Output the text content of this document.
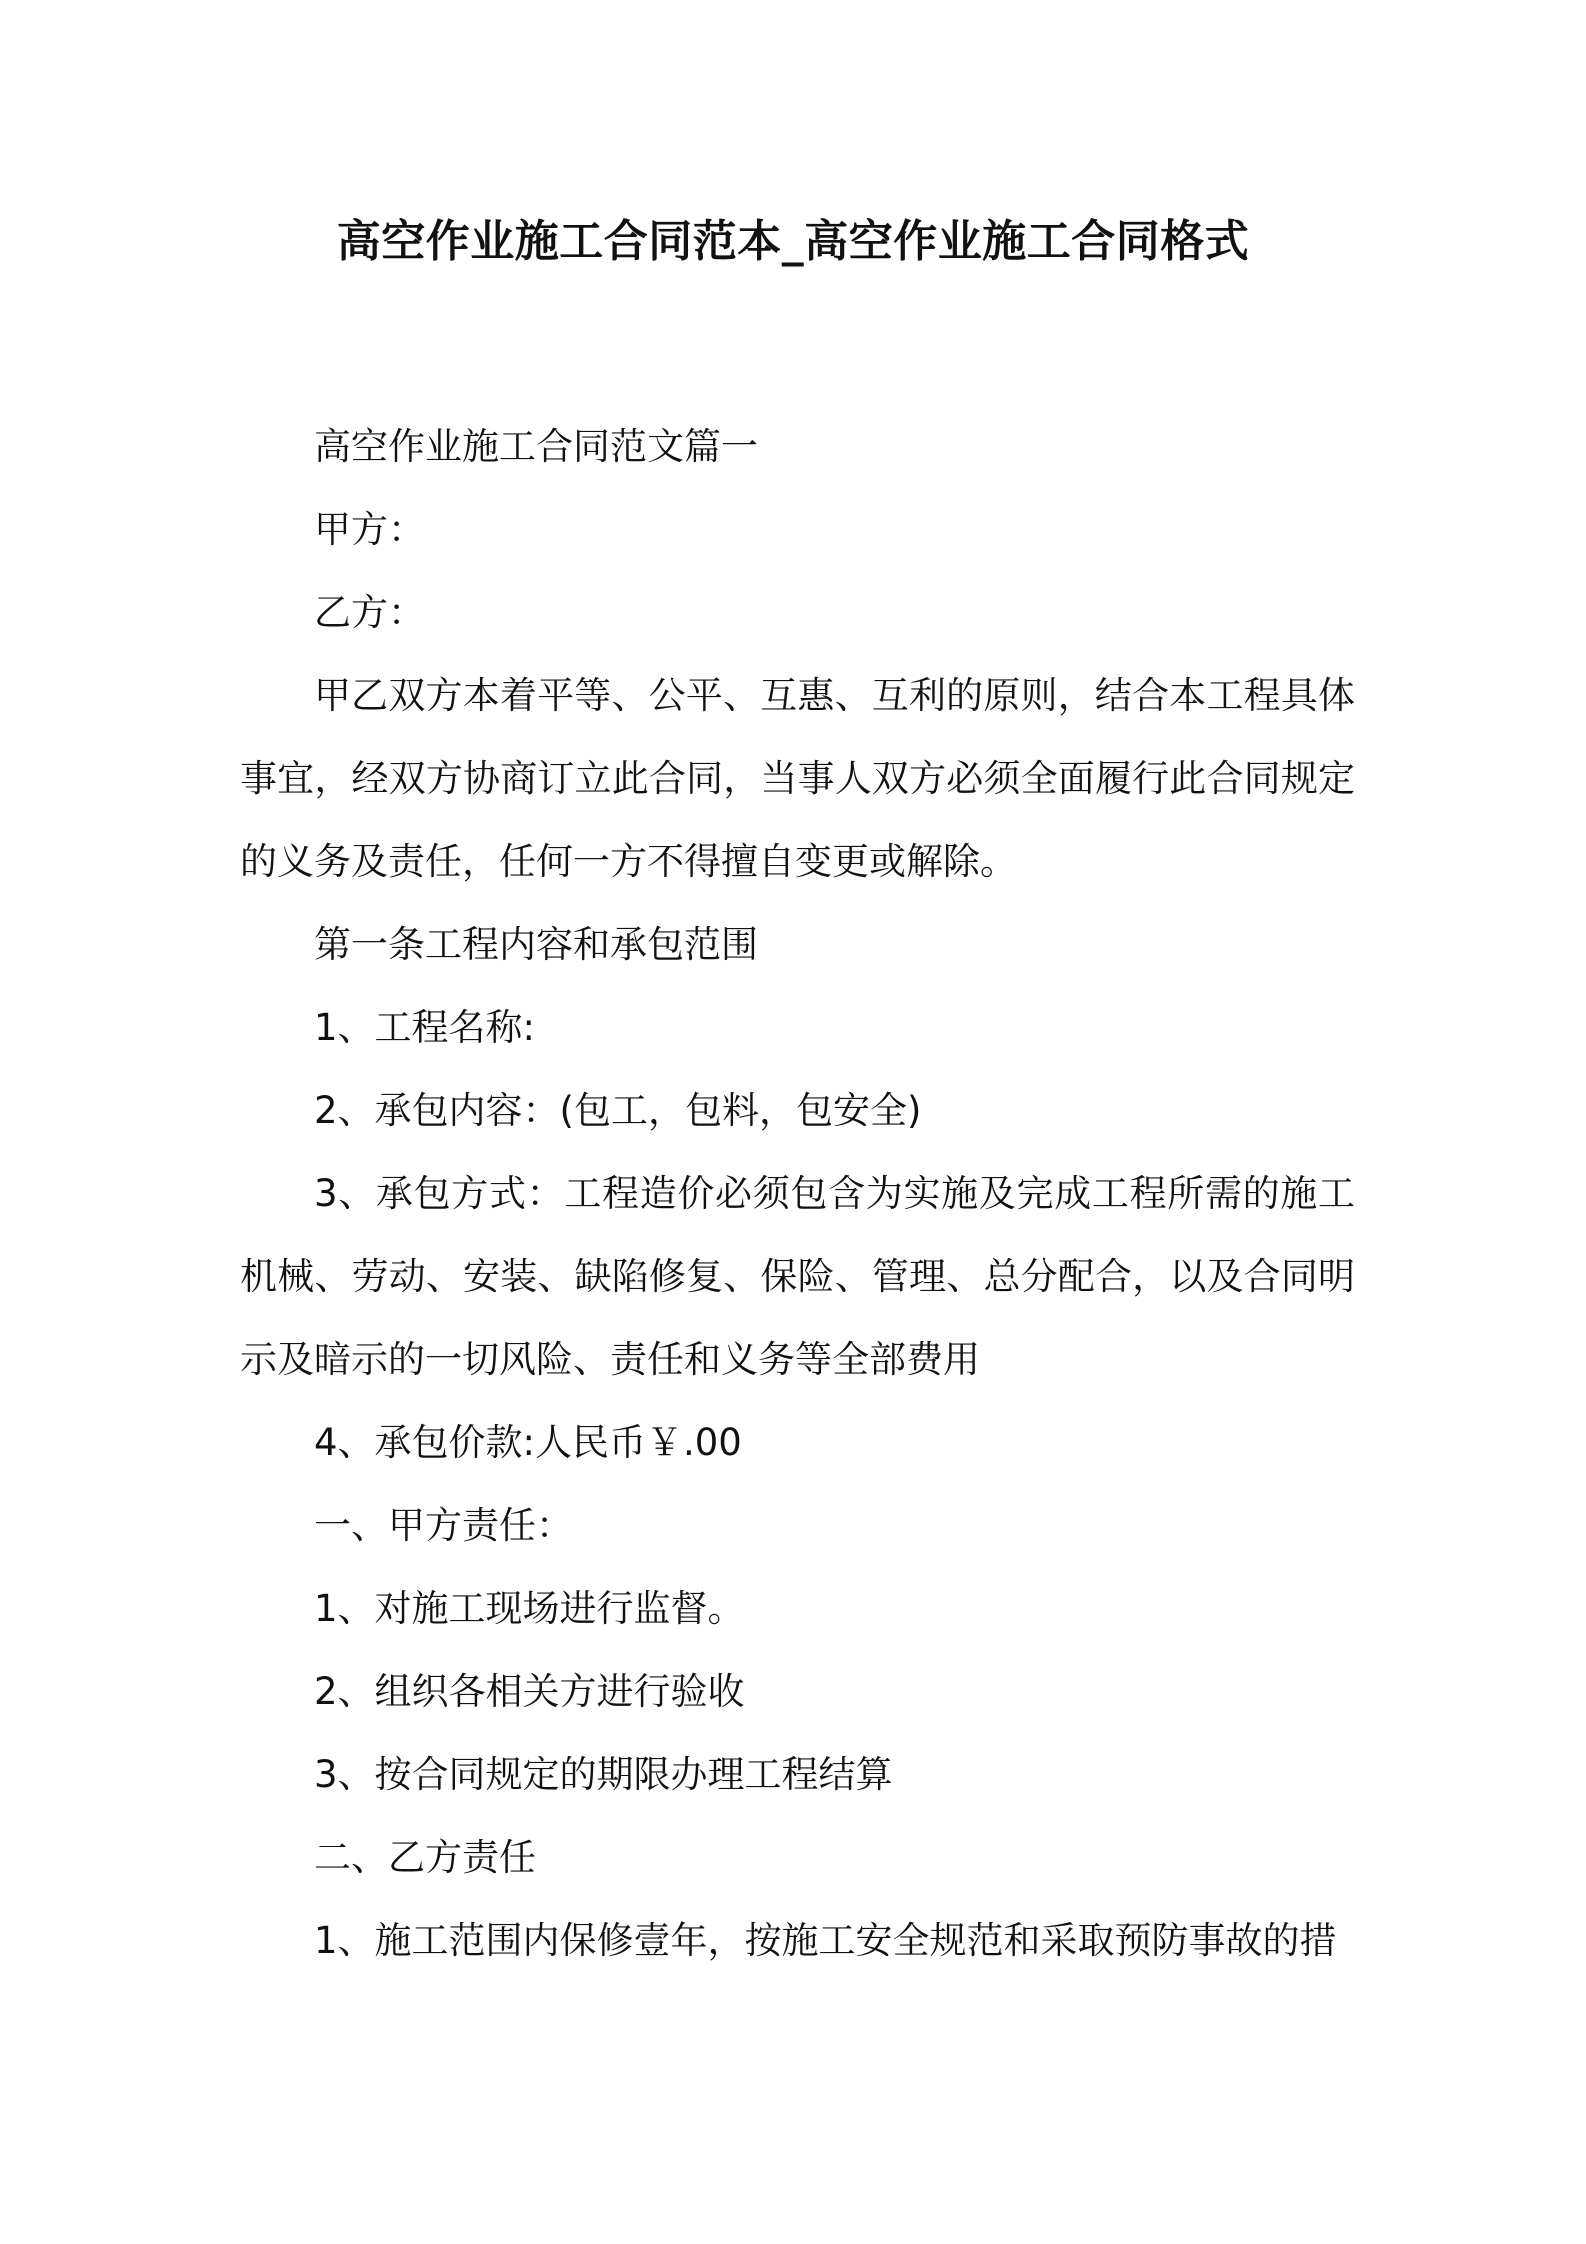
高空作业施工合同范本_高空作业施工合同格式

高空作业施工合同范文篇一

甲方：

乙方：

甲乙双方本着平等、公平、互惠、互利的原则，结合本工程具体事宜，经双方协商订立此合同，当事人双方必须全面履行此合同规定的义务及责任，任何一方不得擅自变更或解除。

第一条工程内容和承包范围

1、工程名称:

2、承包内容：(包工，包料，包安全)

3、承包方式：工程造价必须包含为实施及完成工程所需的施工机械、劳动、安装、缺陷修复、保险、管理、总分配合，以及合同明示及暗示的一切风险、责任和义务等全部费用

4、承包价款:人民币￥.00

一、甲方责任：

1、对施工现场进行监督。

2、组织各相关方进行验收

3、按合同规定的期限办理工程结算

二、乙方责任

1、施工范围内保修壹年，按施工安全规范和采取预防事故的措
